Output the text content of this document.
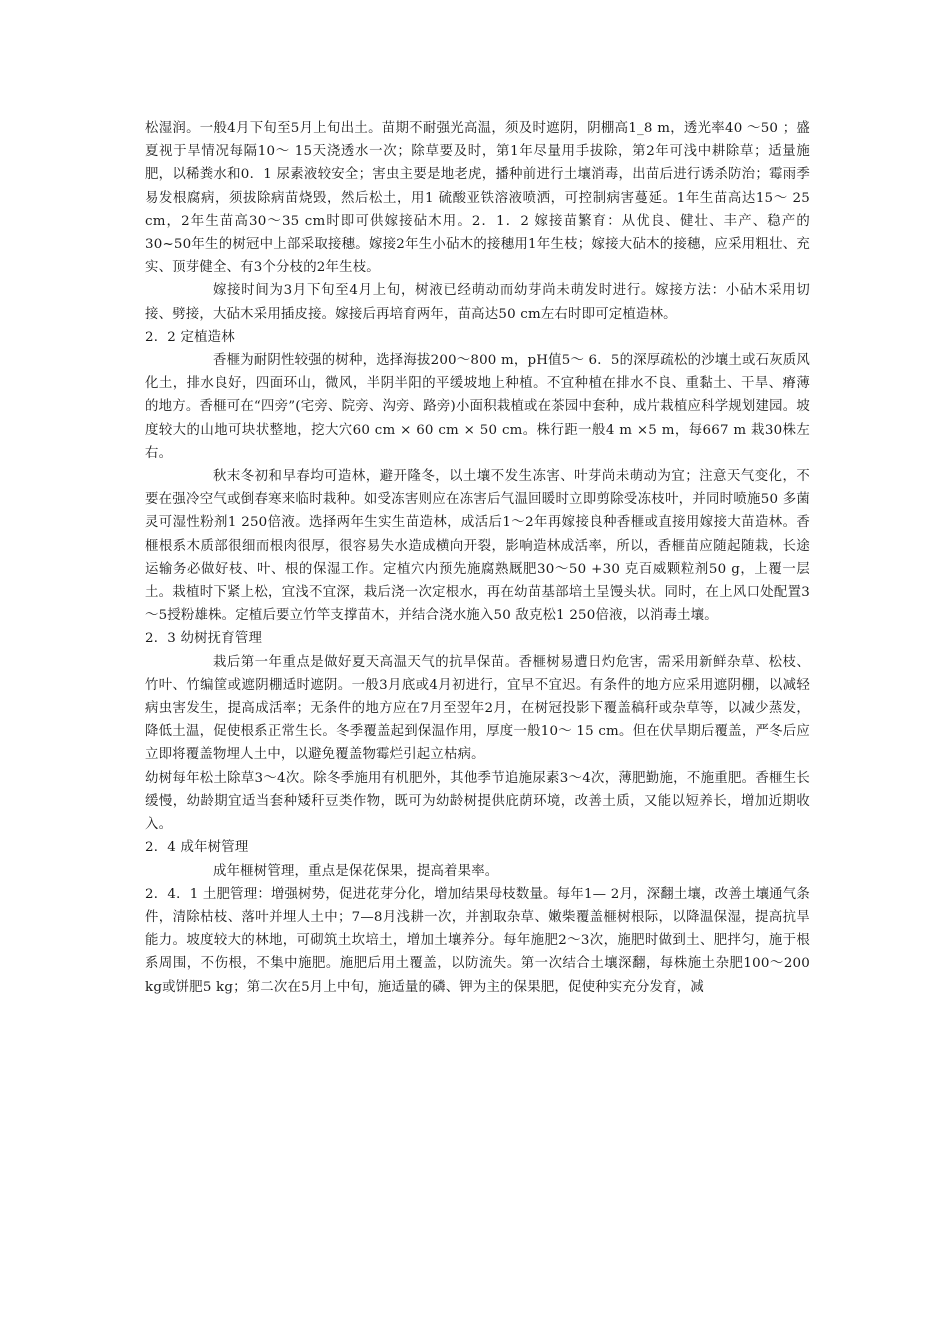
松湿润。一般4月下旬至5月上旬出土。苗期不耐强光高温，须及时遮阴，阴棚高1_8 m，透光率40 ～50 ；盛夏视于旱情况每隔10～ 15天浇透水一次；除草要及时，第1年尽量用手拔除，第2年可浅中耕除草；适量施肥，以稀粪水和0．1 尿素液较安全；害虫主要是地老虎，播种前进行土壤消毒，出苗后进行诱杀防治；霉雨季易发根腐病，须拔除病苗烧毁，然后松土，用1 硫酸亚铁溶液喷洒，可控制病害蔓延。1年生苗高达15～ 25 cm，2年生苗高30～35 cm时即可供嫁接砧木用。2．1．2 嫁接苗繁育：从优良、健壮、丰产、稳产的30~50年生的树冠中上部采取接穗。嫁接2年生小砧木的接穗用1年生枝；嫁接大砧木的接穗，应采用粗壮、充实、顶芽健全、有3个分枝的2年生枝。

嫁接时间为3月下旬至4月上旬，树液已经萌动而幼芽尚未萌发时进行。嫁接方法：小砧木采用切接、劈接，大砧木采用插皮接。嫁接后再培育两年，苗高达50 cm左右时即可定植造林。

2．2 定植造林

香榧为耐阴性较强的树种，选择海拔200～800 m，pH值5～ 6．5的深厚疏松的沙壤土或石灰质风化土，排水良好，四面环山，微风，半阴半阳的平缓坡地上种植。不宜种植在排水不良、重黏土、干旱、瘠薄的地方。香榧可在“四旁”(宅旁、院旁、沟旁、路旁)小面积栽植或在茶园中套种，成片栽植应科学规划建园。坡度较大的山地可块状整地，挖大穴60 cm × 60 cm × 50 cm。株行距一般4 m ×5 m，每667 m 栽30株左右。

秋末冬初和早春均可造林，避开隆冬，以土壤不发生冻害、叶芽尚未萌动为宜；注意天气变化，不要在强冷空气或倒春寒来临时栽种。如受冻害则应在冻害后气温回暖时立即剪除受冻枝叶，并同时喷施50 多菌灵可湿性粉剂1 250倍液。选择两年生实生苗造林，成活后1～2年再嫁接良种香榧或直接用嫁接大苗造林。香榧根系木质部很细而根肉很厚，很容易失水造成横向开裂，影响造林成活率，所以，香榧苗应随起随栽，长途运输务必做好枝、叶、根的保湿工作。定植穴内预先施腐熟厩肥30～50 +30 克百威颗粒剂50 g，上覆一层土。栽植时下紧上松，宜浅不宜深，栽后浇一次定根水，再在幼苗基部培土呈馒头状。同时，在上风口处配置3 ～5授粉雄株。定植后要立竹竿支撑苗木，并结合浇水施入50 敌克松1 250倍液，以消毒土壤。

2．3 幼树抚育管理

栽后第一年重点是做好夏天高温天气的抗旱保苗。香榧树易遭日灼危害，需采用新鲜杂草、松枝、竹叶、竹编筐或遮阴棚适时遮阴。一般3月底或4月初进行，宜早不宜迟。有条件的地方应采用遮阴棚，以减轻病虫害发生，提高成活率；无条件的地方应在7月至翌年2月，在树冠投影下覆盖稿秆或杂草等，以减少蒸发，降低土温，促使根系正常生长。冬季覆盖起到保温作用，厚度一般10～ 15 cm。但在伏旱期后覆盖，严冬后应立即将覆盖物埋人土中，以避免覆盖物霉烂引起立枯病。

幼树每年松土除草3～4次。除冬季施用有机肥外，其他季节追施尿素3～4次，薄肥勤施，不施重肥。香榧生长缓慢，幼龄期宜适当套种矮秆豆类作物，既可为幼龄树提供庇荫环境，改善土质，又能以短养长，增加近期收入。

2．4 成年树管理

成年榧树管理，重点是保花保果，提高着果率。

2．4．1 土肥管理：增强树势，促进花芽分化，增加结果母枝数量。每年1— 2月，深翻土壤，改善土壤通气条件，清除枯枝、落叶并埋人土中；7—8月浅耕一次，并割取杂草、嫩柴覆盖榧树根际，以降温保湿，提高抗旱能力。坡度较大的林地，可砌筑土坎培土，增加土壤养分。每年施肥2～3次，施肥时做到土、肥拌匀，施于根系周围，不伤根，不集中施肥。施肥后用土覆盖，以防流失。第一次结合土壤深翻，每株施土杂肥100～200 kg或饼肥5 kg；第二次在5月上中旬，施适量的磷、钾为主的保果肥，促使种实充分发育，减
